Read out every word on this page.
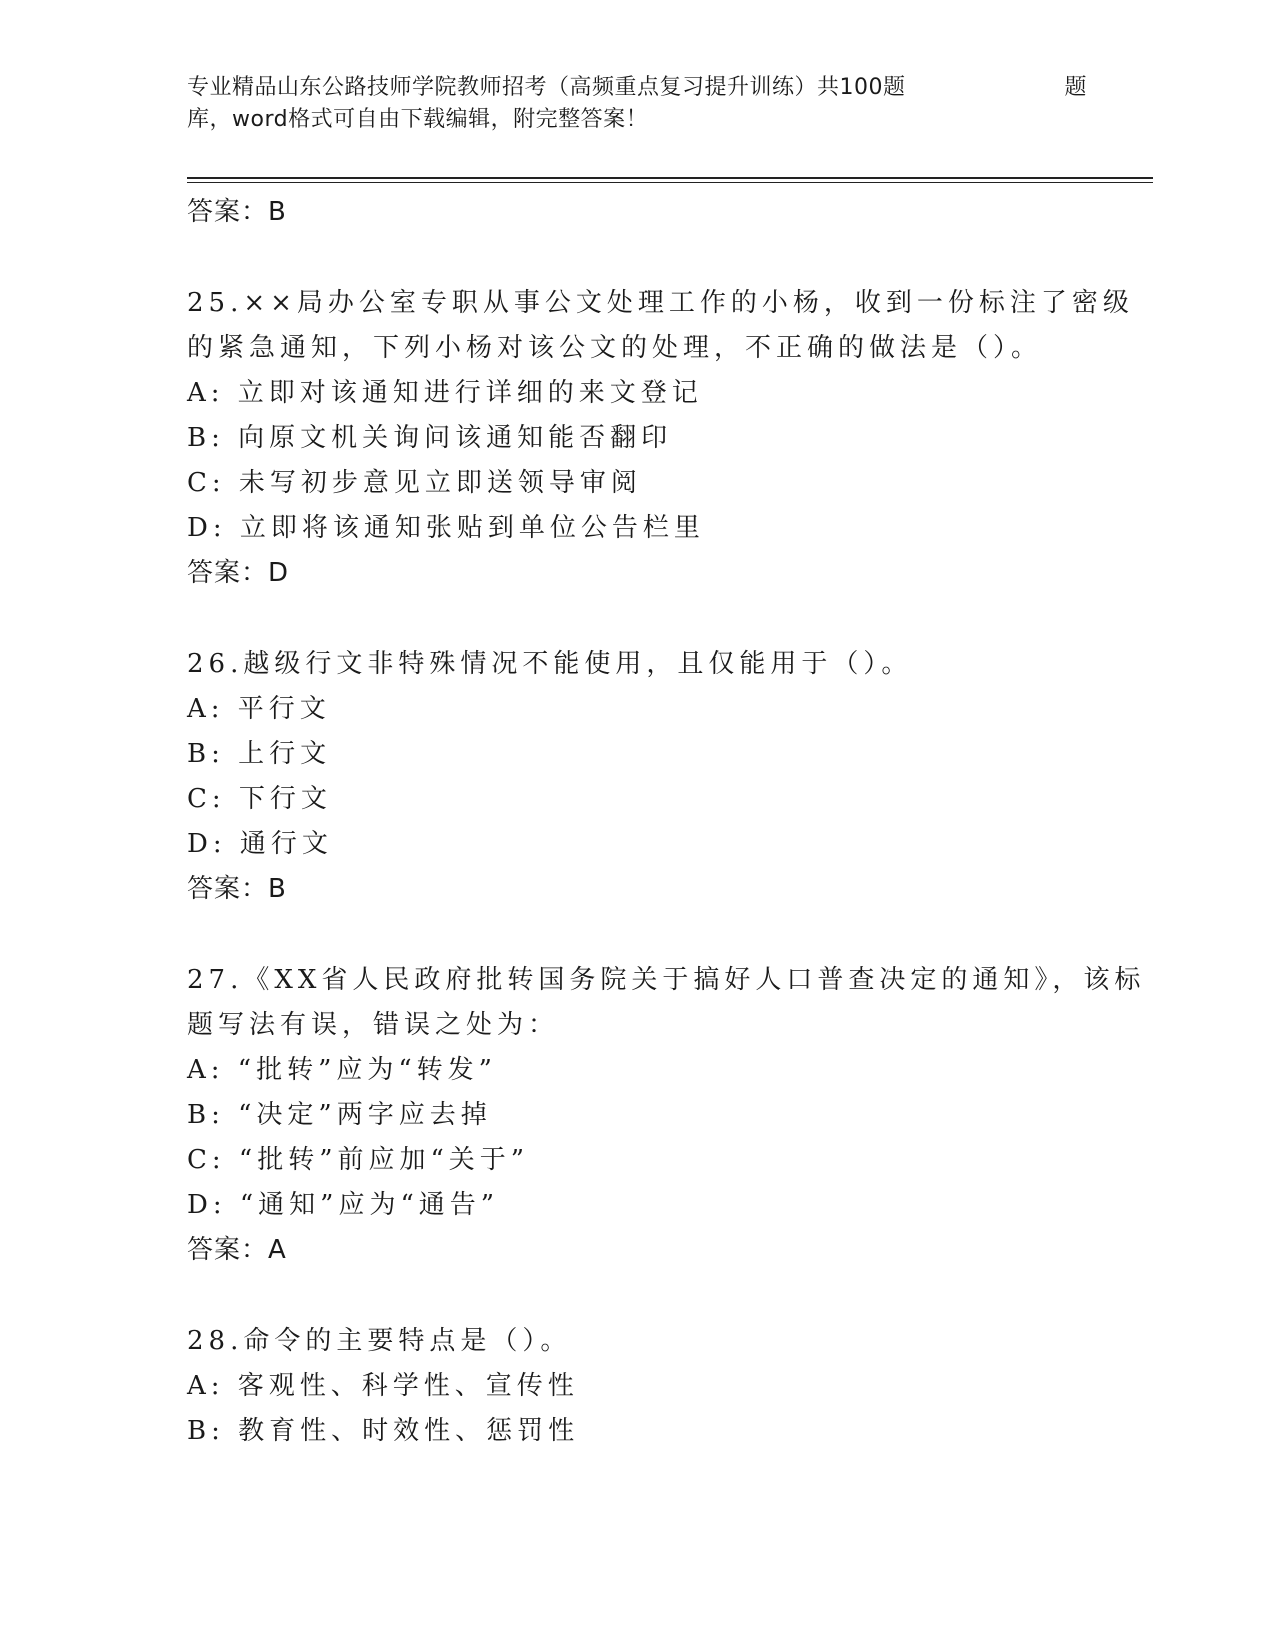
专业精品山东公路技师学院教师招考（高频重点复习提升训练）共100题	题
库，word格式可自由下载编辑，附完整答案！
答案：B
25.××局办公室专职从事公文处理工作的小杨，收到一份标注了密级
的紧急通知，下列小杨对该公文的处理，不正确的做法是（）。
A: 立即对该通知进行详细的来文登记
B: 向原文机关询问该通知能否翻印
C: 未写初步意见立即送领导审阅
D: 立即将该通知张贴到单位公告栏里
答案：D
26.越级行文非特殊情况不能使用，且仅能用于（）。
A: 平行文
B: 上行文
C: 下行文
D: 通行文
答案：B
27.《XX省人民政府批转国务院关于搞好人口普查决定的通知》，该标
题写法有误，错误之处为：
A: “批转”应为“转发”
B: “决定”两字应去掉
C: “批转”前应加“关于”
D: “通知”应为“通告”
答案：A
28.命令的主要特点是（）。
A: 客观性、科学性、宣传性
B: 教育性、时效性、惩罚性
